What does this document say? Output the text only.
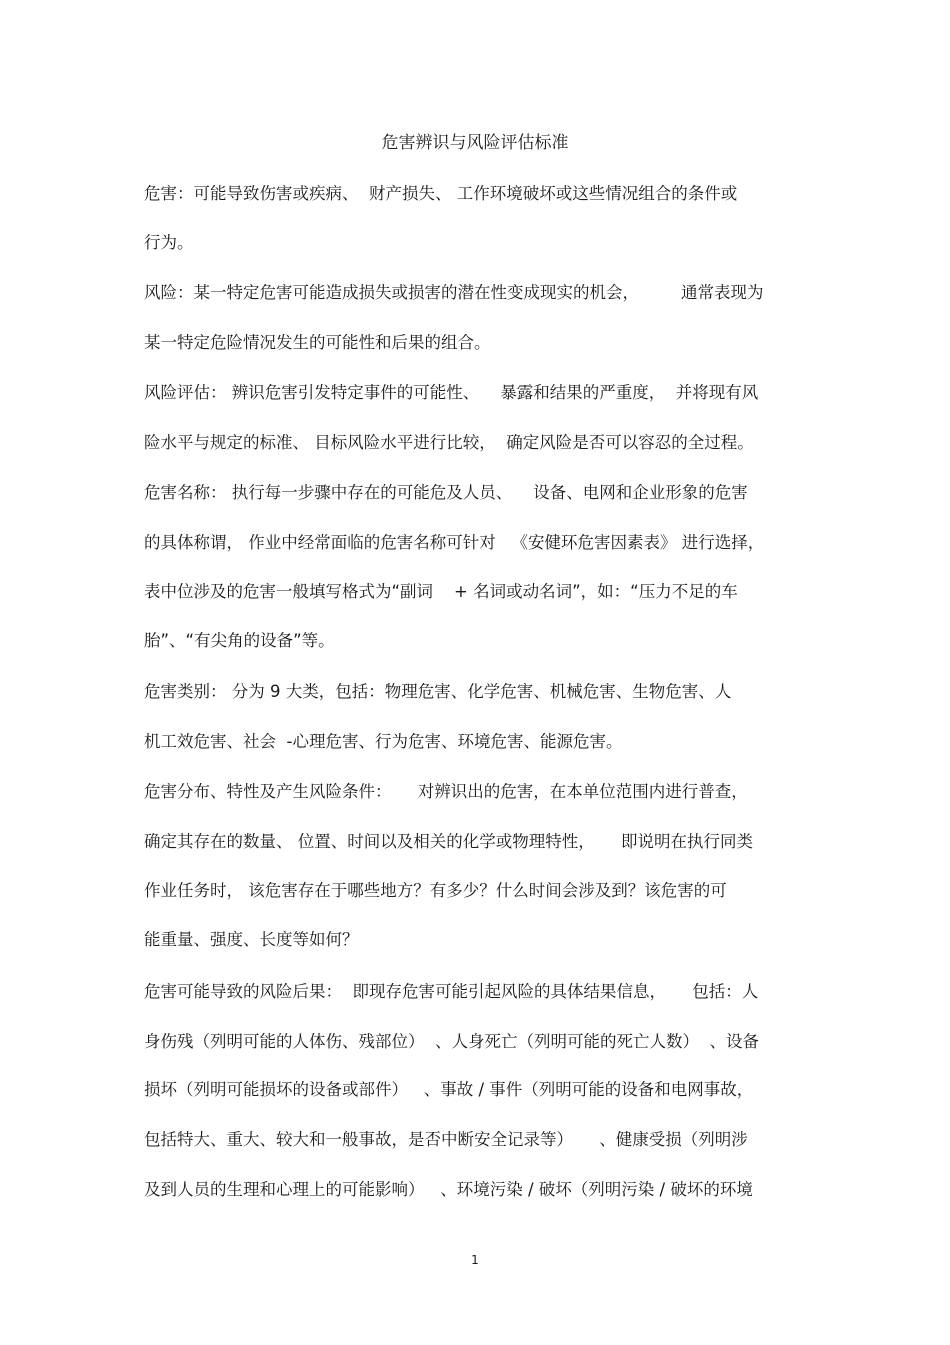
危害辨识与风险评估标准
危害：可能导致伤害或疾病、  财产损失、 工作环境破坏或这些情况组合的条件或
行为。
风险：某一特定危害可能造成损失或损害的潜在性变成现实的机会，        通常表现为
某一特定危险情况发生的可能性和后果的组合。
风险评估： 辨识危害引发特定事件的可能性、    暴露和结果的严重度，  并将现有风
险水平与规定的标准、 目标风险水平进行比较，  确定风险是否可以容忍的全过程。
危害名称： 执行每一步骤中存在的可能危及人员、    设备、电网和企业形象的危害
的具体称谓， 作业中经常面临的危害名称可针对   《安健环危害因素表》 进行选择，
表中位涉及的危害一般填写格式为“副词    + 名词或动名词”，如：“压力不足的车
胎”、“有尖角的设备”等。
危害类别： 分为 9 大类，包括：物理危害、化学危害、机械危害、生物危害、人
机工效危害、社会  -心理危害、行为危害、环境危害、能源危害。
危害分布、特性及产生风险条件：     对辨识出的危害，在本单位范围内进行普查，
确定其存在的数量、 位置、时间以及相关的化学或物理特性，     即说明在执行同类
作业任务时， 该危害存在于哪些地方？有多少？什么时间会涉及到？该危害的可
能重量、强度、长度等如何？
危害可能导致的风险后果：  即现存危害可能引起风险的具体结果信息，     包括：人
身伤残（列明可能的人体伤、残部位）  、人身死亡（列明可能的死亡人数）  、设备
损坏（列明可能损坏的设备或部件）   、事故 / 事件（列明可能的设备和电网事故，
包括特大、重大、较大和一般事故，是否中断安全记录等）     、健康受损（列明涉
及到人员的生理和心理上的可能影响）   、环境污染 / 破坏（列明污染 / 破坏的环境
1
